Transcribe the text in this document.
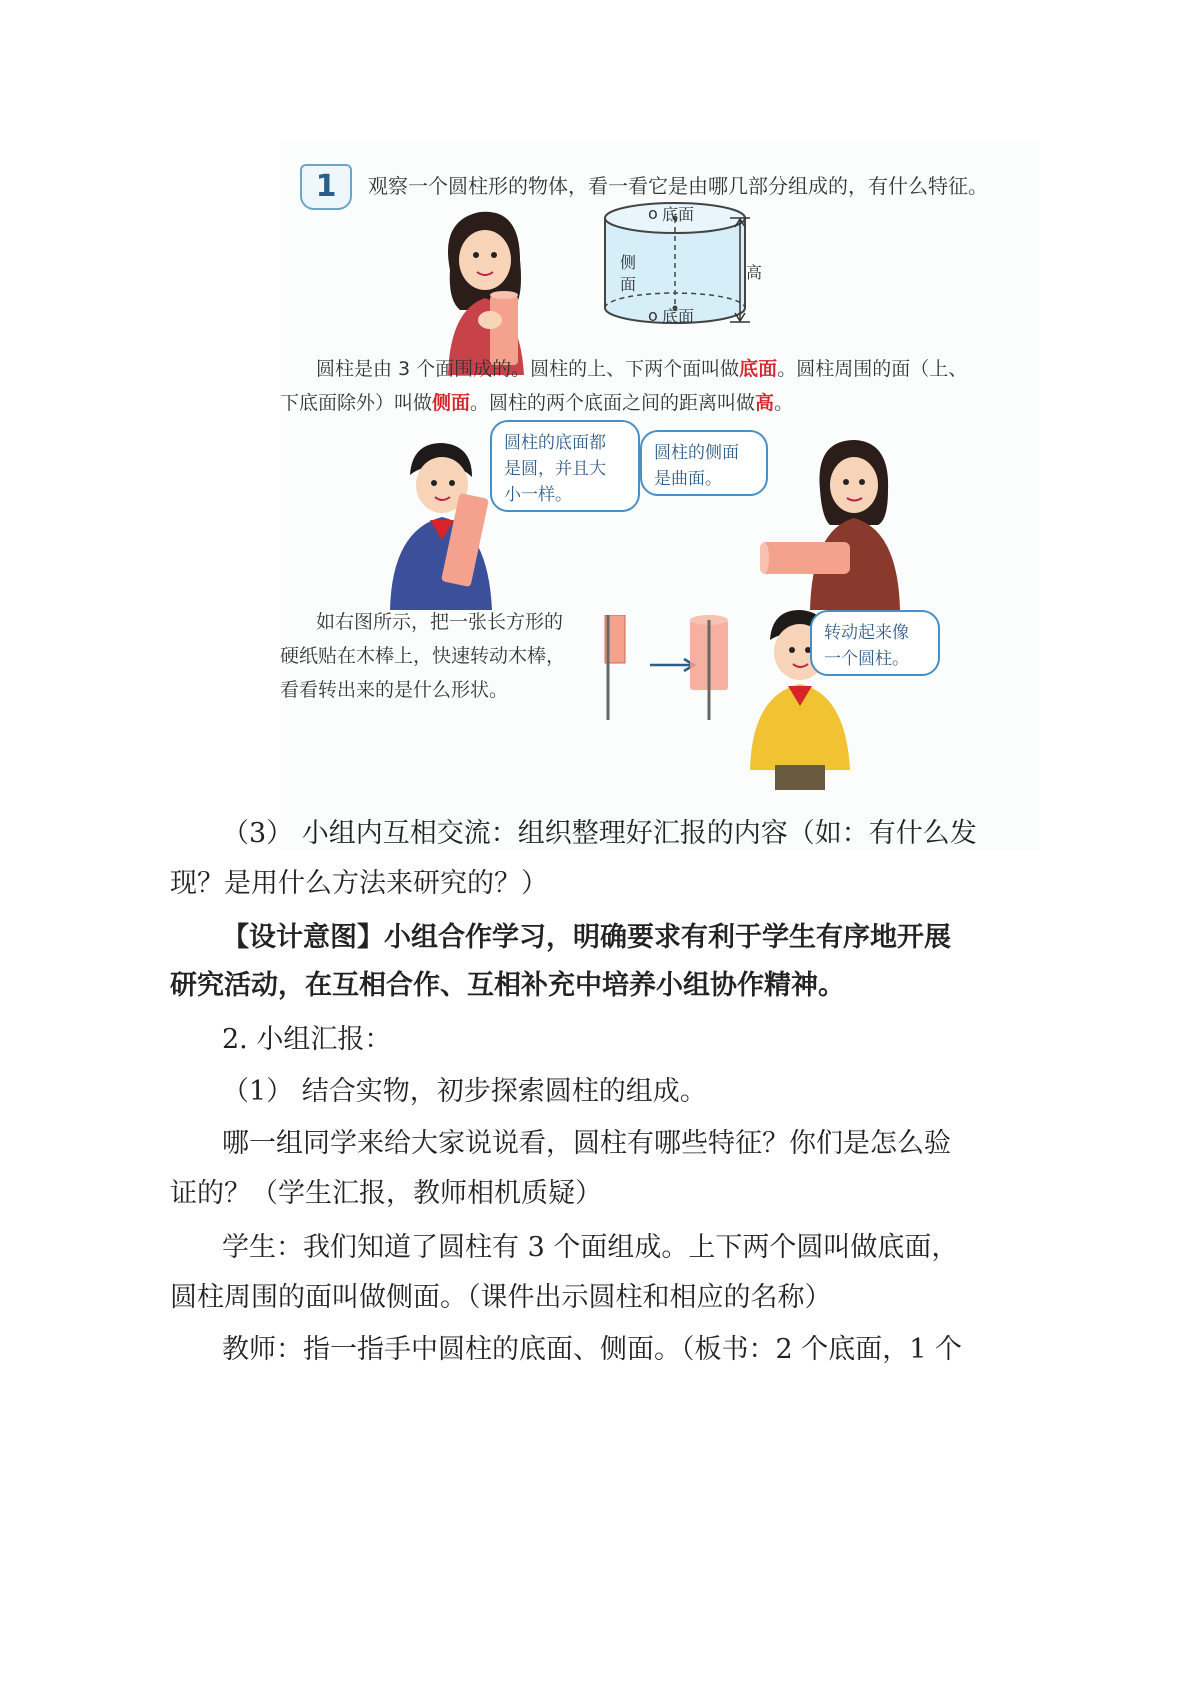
1	观察一个圆柱形的物体，看一看它是由哪几部分组成的，有什么特征。
o 底面
侧
面
o 底面
高
圆柱是由 3 个面围成的。圆柱的上、下两个面叫做底面。圆柱周围的面（上、
下底面除外）叫做侧面。圆柱的两个底面之间的距离叫做高。
圆柱的底面都
是圆，并且大
小一样。
圆柱的侧面
是曲面。
如右图所示，把一张长方形的
硬纸贴在木棒上，快速转动木棒，
看看转出来的是什么形状。
转动起来像
一个圆柱。
（3） 小组内互相交流：组织整理好汇报的内容（如：有什么发
现？是用什么方法来研究的？）
【设计意图】小组合作学习，明确要求有利于学生有序地开展
研究活动，在互相合作、互相补充中培养小组协作精神。
2. 小组汇报：
（1） 结合实物，初步探索圆柱的组成。
哪一组同学来给大家说说看，圆柱有哪些特征？你们是怎么验
证的？（学生汇报，教师相机质疑）
学生：我们知道了圆柱有 3 个面组成。上下两个圆叫做底面，
圆柱周围的面叫做侧面。（课件出示圆柱和相应的名称）
教师：指一指手中圆柱的底面、侧面。（板书：2 个底面，1 个
